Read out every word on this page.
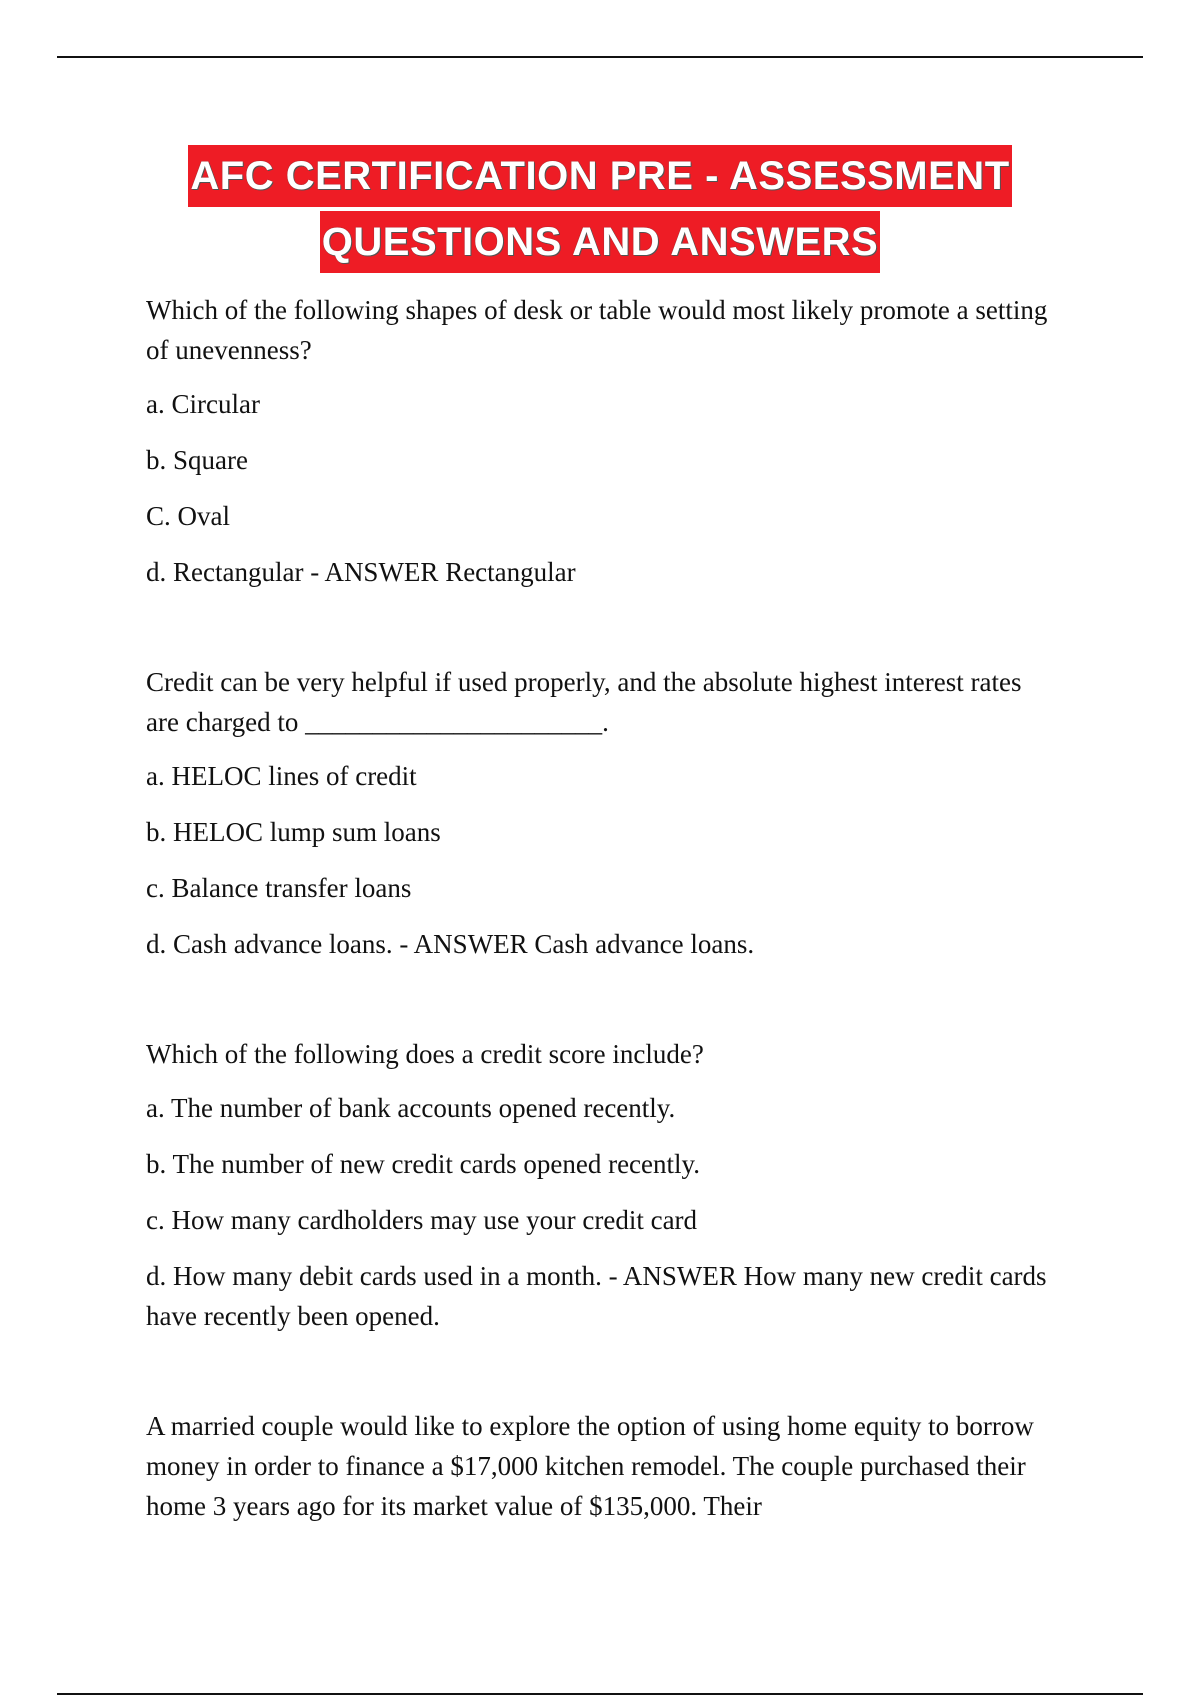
AFC CERTIFICATION PRE - ASSESSMENT
QUESTIONS AND ANSWERS

Which of the following shapes of desk or table would most likely promote a setting of unevenness?

a. Circular

b. Square

C. Oval

d. Rectangular - ANSWER Rectangular

Credit can be very helpful if used properly, and the absolute highest interest rates are charged to ______________________.

a. HELOC lines of credit

b. HELOC lump sum loans

c. Balance transfer loans

d. Cash advance loans. - ANSWER Cash advance loans.

Which of the following does a credit score include?

a. The number of bank accounts opened recently.

b. The number of new credit cards opened recently.

c. How many cardholders may use your credit card

d. How many debit cards used in a month. - ANSWER How many new credit cards have recently been opened.

A married couple would like to explore the option of using home equity to borrow money in order to finance a $17,000 kitchen remodel. The couple purchased their home 3 years ago for its market value of $135,000. Their
